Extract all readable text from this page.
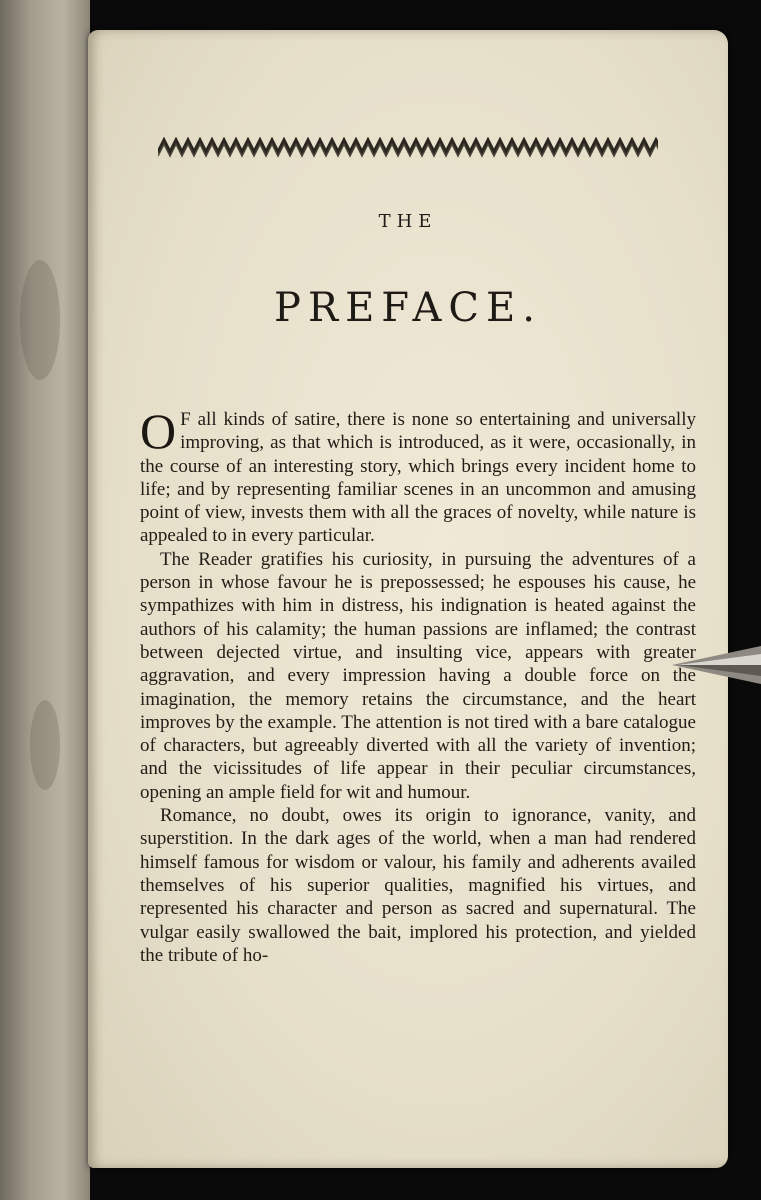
THE
PREFACE.

O F all kinds of satire, there is none so entertaining and universally improving, as that which is introduced, as it were, occasionally, in the course of an interesting story, which brings every incident home to life; and by representing familiar scenes in an uncommon and amusing point of view, invests them with all the graces of novelty, while nature is appealed to in every particular.

The Reader gratifies his curiosity, in pursuing the adventures of a person in whose favour he is prepossessed; he espouses his cause, he sympathizes with him in distress, his indignation is heated against the authors of his calamity; the human passions are inflamed; the contrast between dejected virtue, and insulting vice, appears with greater aggravation, and every impression having a double force on the imagination, the memory retains the circumstance, and the heart improves by the example. The attention is not tired with a bare catalogue of characters, but agreeably diverted with all the variety of invention; and the vicissitudes of life appear in their peculiar circumstances, opening an ample field for wit and humour.

Romance, no doubt, owes its origin to ignorance, vanity, and superstition. In the dark ages of the world, when a man had rendered himself famous for wisdom or valour, his family and adherents availed themselves of his superior qualities, magnified his virtues, and represented his character and person as sacred and supernatural. The vulgar easily swallowed the bait, implored his protection, and yielded the tribute of ho-
